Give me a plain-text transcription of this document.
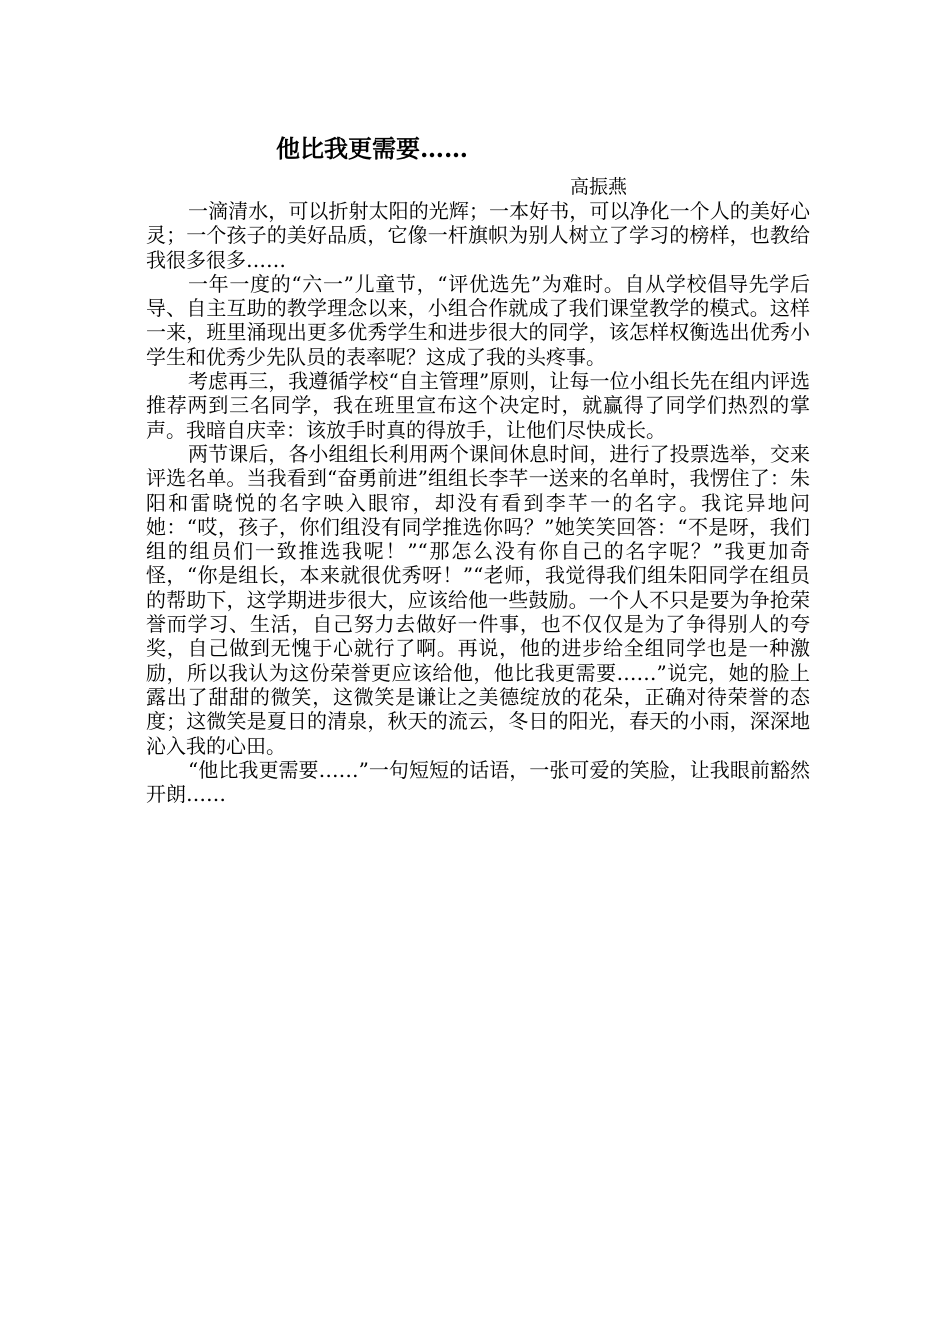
他比我更需要……
高振燕

一滴清水，可以折射太阳的光辉；一本好书，可以净化一个人的美好心灵；一个孩子的美好品质，它像一杆旗帜为别人树立了学习的榜样，也教给我很多很多……

一年一度的“六一”儿童节，“评优选先”为难时。自从学校倡导先学后导、自主互助的教学理念以来，小组合作就成了我们课堂教学的模式。这样一来，班里涌现出更多优秀学生和进步很大的同学，该怎样权衡选出优秀小学生和优秀少先队员的表率呢？这成了我的头疼事。

考虑再三，我遵循学校“自主管理”原则，让每一位小组长先在组内评选推荐两到三名同学，我在班里宣布这个决定时，就赢得了同学们热烈的掌声。我暗自庆幸：该放手时真的得放手，让他们尽快成长。

两节课后，各小组组长利用两个课间休息时间，进行了投票选举，交来评选名单。当我看到“奋勇前进”组组长李芊一送来的名单时，我愣住了：朱阳和雷晓悦的名字映入眼帘，却没有看到李芊一的名字。我诧异地问她：“哎，孩子，你们组没有同学推选你吗？”她笑笑回答：“不是呀，我们组的组员们一致推选我呢！”“那怎么没有你自己的名字呢？”我更加奇怪，“你是组长，本来就很优秀呀！”“老师，我觉得我们组朱阳同学在组员的帮助下，这学期进步很大，应该给他一些鼓励。一个人不只是要为争抢荣誉而学习、生活，自己努力去做好一件事，也不仅仅是为了争得别人的夸奖，自己做到无愧于心就行了啊。再说，他的进步给全组同学也是一种激励，所以我认为这份荣誉更应该给他，他比我更需要……”说完，她的脸上露出了甜甜的微笑，这微笑是谦让之美德绽放的花朵，正确对待荣誉的态度；这微笑是夏日的清泉，秋天的流云，冬日的阳光，春天的小雨，深深地沁入我的心田。

“他比我更需要……”一句短短的话语，一张可爱的笑脸，让我眼前豁然开朗……
